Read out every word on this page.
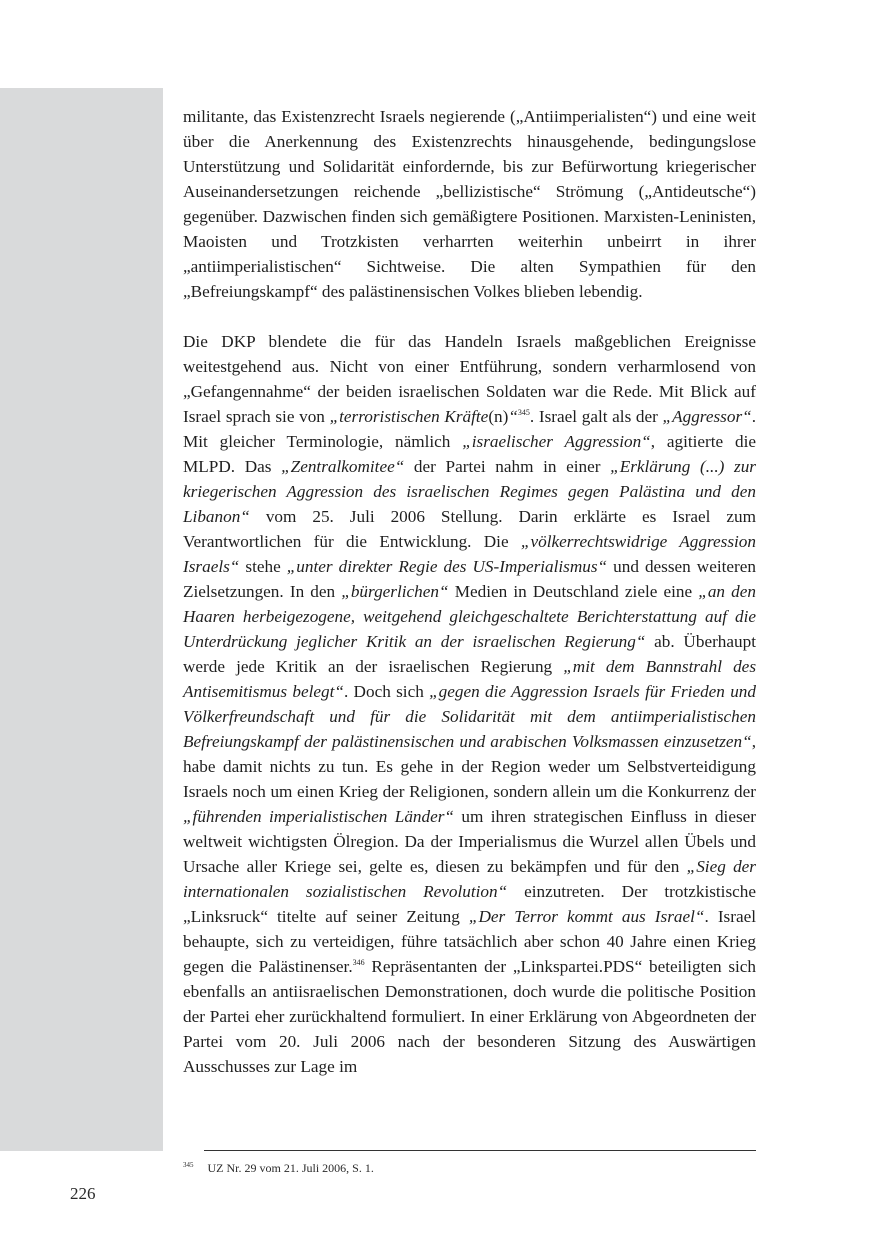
militante, das Existenzrecht Israels negierende („Antiimperialisten“) und eine weit über die Anerkennung des Existenzrechts hinausgehende, bedingungslose Unterstützung und Solidarität einfordernde, bis zur Befürwortung kriegerischer Auseinandersetzungen reichende „bellizistische“ Strömung („Antideutsche“) gegenüber. Dazwischen finden sich gemäßigtere Positionen. Marxisten-Leninisten, Maoisten und Trotzkisten verharrten weiterhin unbeirrt in ihrer „antiimperialistischen“ Sichtweise. Die alten Sympathien für den „Befreiungskampf“ des palästinensischen Volkes blieben lebendig.

Die DKP blendete die für das Handeln Israels maßgeblichen Ereignisse weitestgehend aus. Nicht von einer Entführung, sondern verharmlosend von „Gefangennahme“ der beiden israelischen Soldaten war die Rede. Mit Blick auf Israel sprach sie von „terroristischen Kräfte(n)“$^{345}$. Israel galt als der „Aggressor“. Mit gleicher Terminologie, nämlich „israelischer Aggression“, agitierte die MLPD. Das „Zentralkomitee“ der Partei nahm in einer „Erklärung (...) zur kriegerischen Aggression des israelischen Regimes gegen Palästina und den Libanon“ vom 25. Juli 2006 Stellung. Darin erklärte es Israel zum Verantwortlichen für die Entwicklung. Die „völkerrechtswidrige Aggression Israels“ stehe „unter direkter Regie des US-Imperialismus“ und dessen weiteren Zielsetzungen. In den „bürgerlichen“ Medien in Deutschland ziele eine „an den Haaren herbeigezogene, weitgehend gleichgeschaltete Berichterstattung auf die Unterdrückung jeglicher Kritik an der israelischen Regierung“ ab. Überhaupt werde jede Kritik an der israelischen Regierung „mit dem Bannstrahl des Antisemitismus belegt“. Doch sich „gegen die Aggression Israels für Frieden und Völkerfreundschaft und für die Solidarität mit dem antiimperialistischen Befreiungskampf der palästinensischen und arabischen Volksmassen einzusetzen“, habe damit nichts zu tun. Es gehe in der Region weder um Selbstverteidigung Israels noch um einen Krieg der Religionen, sondern allein um die Konkurrenz der „führenden imperialistischen Länder“ um ihren strategischen Einfluss in dieser weltweit wichtigsten Ölregion. Da der Imperialismus die Wurzel allen Übels und Ursache aller Kriege sei, gelte es, diesen zu bekämpfen und für den „Sieg der internationalen sozialistischen Revolution“ einzutreten. Der trotzkistische „Linksruck“ titelte auf seiner Zeitung „Der Terror kommt aus Israel“. Israel behaupte, sich zu verteidigen, führe tatsächlich aber schon 40 Jahre einen Krieg gegen die Palästinenser.$^{346}$ Repräsentanten der „Linkspartei.PDS“ beteiligten sich ebenfalls an antiisraelischen Demonstrationen, doch wurde die politische Position der Partei eher zurückhaltend formuliert. In einer Erklärung von Abgeordneten der Partei vom 20. Juli 2006 nach der besonderen Sitzung des Auswärtigen Ausschusses zur Lage im

$^{345}$ UZ Nr. 29 vom 21. Juli 2006, S. 1.
226
